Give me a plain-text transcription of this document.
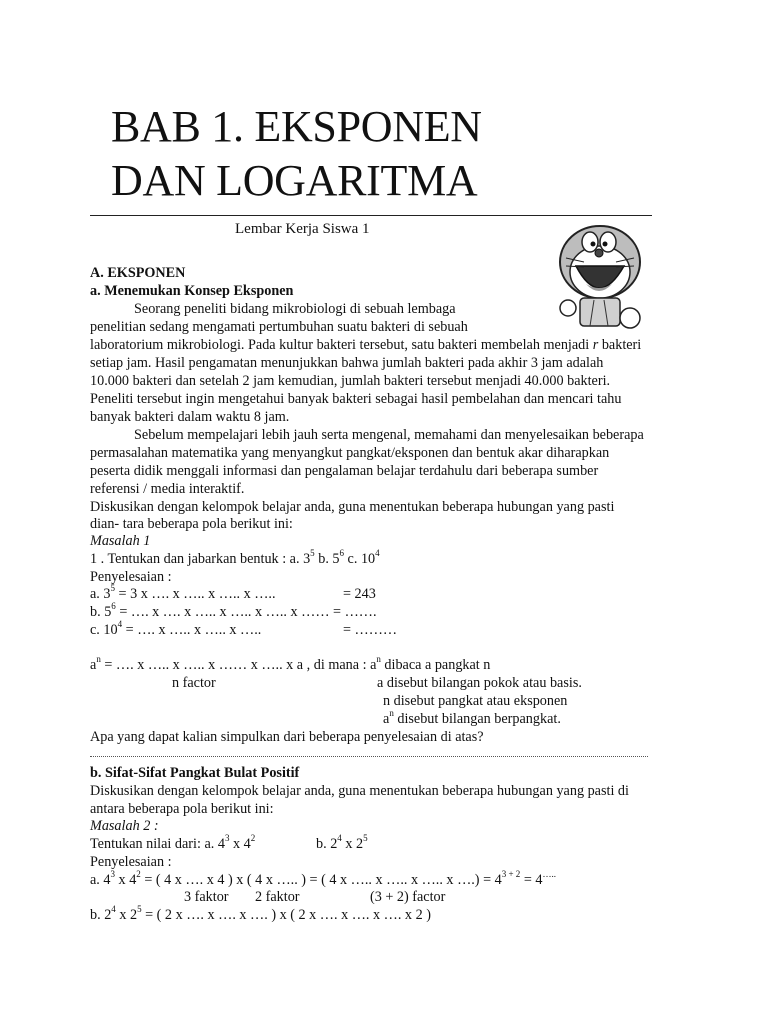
BAB 1. EKSPONEN
DAN LOGARITMA
Lembar Kerja Siswa 1
A. EKSPONEN
a. Menemukan Konsep Eksponen
Seorang peneliti bidang mikrobiologi di sebuah lembaga
penelitian sedang mengamati pertumbuhan suatu bakteri di sebuah
laboratorium mikrobiologi. Pada kultur bakteri tersebut, satu bakteri membelah menjadi r bakteri
setiap jam. Hasil pengamatan menunjukkan bahwa jumlah bakteri pada akhir 3 jam adalah
10.000 bakteri dan setelah 2 jam kemudian, jumlah bakteri tersebut menjadi 40.000 bakteri.
Peneliti tersebut ingin mengetahui banyak bakteri sebagai hasil pembelahan dan mencari tahu
banyak bakteri dalam waktu 8 jam.
Sebelum mempelajari lebih jauh serta mengenal, memahami dan menyelesaikan beberapa
permasalahan matematika yang menyangkut pangkat/eksponen dan bentuk akar diharapkan
peserta didik menggali informasi dan pengalaman belajar terdahulu dari beberapa sumber
referensi / media interaktif.
Diskusikan dengan kelompok belajar anda, guna menentukan beberapa hubungan yang pasti
dian- tara beberapa pola berikut ini:
Masalah 1
1 . Tentukan dan jabarkan bentuk : a. $3^5$ b. $5^6$ c. $10^4$
Penyelesaian :
a. $3^5 = 3$ x …. x ….. x ….. x …..	= 243
b. $5^6$ = …. x …. x ….. x ….. x ….. x …… = …….
c. $10^4$ = …. x ….. x ….. x …..	= ………
$a^n$ = …. x ….. x ….. x …… x ….. x a , di mana : $a^n$ dibaca a pangkat n
n factor	a disebut bilangan pokok atau basis.
n disebut pangkat atau eksponen
$a^n$ disebut bilangan berpangkat.
Apa yang dapat kalian simpulkan dari beberapa penyelesaian di atas?
b. Sifat-Sifat Pangkat Bulat Positif
Diskusikan dengan kelompok belajar anda, guna menentukan beberapa hubungan yang pasti di
antara beberapa pola berikut ini:
Masalah 2 :
Tentukan nilai dari: a. $4^3$ x $4^2$	b. $2^4$ x $2^5$
Penyelesaian :
a. $4^3$ x $4^2$ = ( 4 x …. x 4 ) x ( 4 x ….. ) = ( 4 x ….. x ….. x ….. x ….) = $4^{3 + 2} = 4^{\dots..}$
3 faktor 2 faktor	(3 + 2) factor
b. $2^4$ x $2^5$ = ( 2 x …. x …. x …. ) x ( 2 x …. x …. x …. x 2 )
